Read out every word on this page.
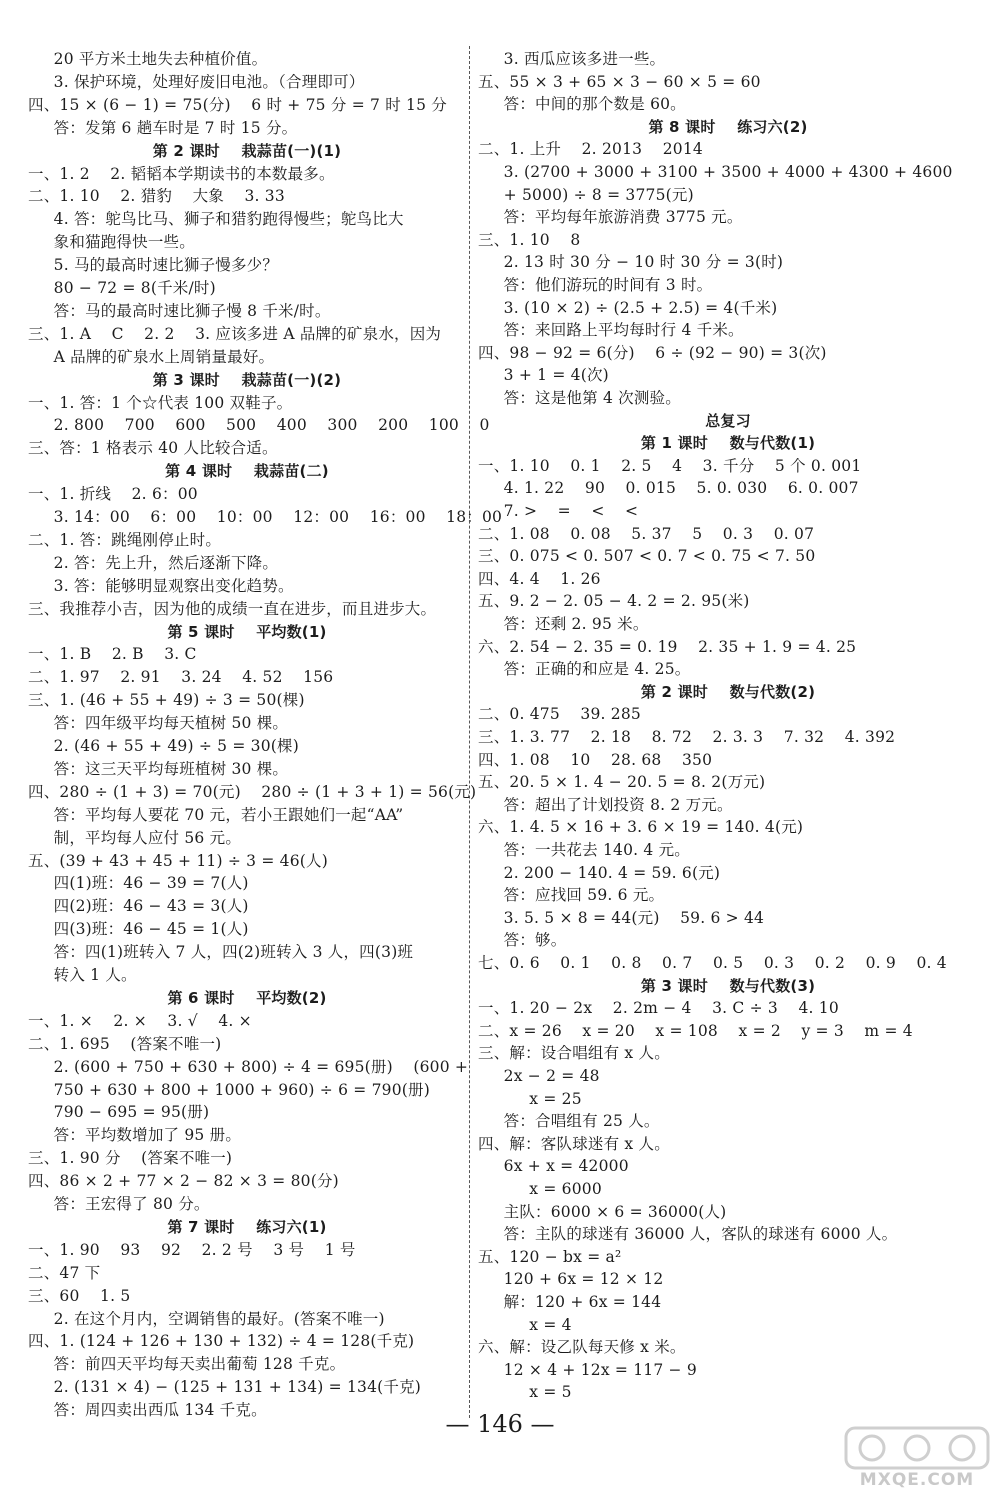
20 平方米土地失去种植价值。
3. 保护环境，处理好废旧电池。（合理即可）
四、15 × (6 − 1) = 75(分)    6 时 + 75 分 = 7 时 15 分
答：发第 6 趟车时是 7 时 15 分。
第 2 课时    栽蒜苗(一)(1)
一、1. 2    2. 韬韬本学期读书的本数最多。
二、1. 10    2. 猎豹    大象    3. 33
4. 答：鸵鸟比马、狮子和猎豹跑得慢些；鸵鸟比大
象和猫跑得快一些。
5. 马的最高时速比狮子慢多少？
80 − 72 = 8(千米/时)
答：马的最高时速比狮子慢 8 千米/时。
三、1. A    C    2. 2    3. 应该多进 A 品牌的矿泉水，因为
A 品牌的矿泉水上周销量最好。
第 3 课时    栽蒜苗(一)(2)
一、1. 答：1 个☆代表 100 双鞋子。
2. 800    700    600    500    400    300    200    100    0
三、答：1 格表示 40 人比较合适。
第 4 课时    栽蒜苗(二)
一、1. 折线    2. 6：00
3. 14：00    6：00    10：00    12：00    16：00    18：00
二、1. 答：跳绳刚停止时。
2. 答：先上升，然后逐渐下降。
3. 答：能够明显观察出变化趋势。
三、我推荐小吉，因为他的成绩一直在进步，而且进步大。
第 5 课时    平均数(1)
一、1. B    2. B    3. C
二、1. 97    2. 91    3. 24    4. 52    156
三、1. (46 + 55 + 49) ÷ 3 = 50(棵)
答：四年级平均每天植树 50 棵。
2. (46 + 55 + 49) ÷ 5 = 30(棵)
答：这三天平均每班植树 30 棵。
四、280 ÷ (1 + 3) = 70(元)    280 ÷ (1 + 3 + 1) = 56(元)
答：平均每人要花 70 元，若小王跟她们一起“AA”
制，平均每人应付 56 元。
五、(39 + 43 + 45 + 11) ÷ 3 = 46(人)
四(1)班：46 − 39 = 7(人)
四(2)班：46 − 43 = 3(人)
四(3)班：46 − 45 = 1(人)
答：四(1)班转入 7 人，四(2)班转入 3 人，四(3)班
转入 1 人。
第 6 课时    平均数(2)
一、1. ×    2. ×    3. √    4. ×
二、1. 695    (答案不唯一)
2. (600 + 750 + 630 + 800) ÷ 4 = 695(册)    (600 +
750 + 630 + 800 + 1000 + 960) ÷ 6 = 790(册)
790 − 695 = 95(册)
答：平均数增加了 95 册。
三、1. 90 分    (答案不唯一)
四、86 × 2 + 77 × 2 − 82 × 3 = 80(分)
答：王宏得了 80 分。
第 7 课时    练习六(1)
一、1. 90    93    92    2. 2 号    3 号    1 号
二、47 下
三、60    1. 5
2. 在这个月内，空调销售的最好。(答案不唯一)
四、1. (124 + 126 + 130 + 132) ÷ 4 = 128(千克)
答：前四天平均每天卖出葡萄 128 千克。
2. (131 × 4) − (125 + 131 + 134) = 134(千克)
答：周四卖出西瓜 134 千克。
3. 西瓜应该多进一些。
五、55 × 3 + 65 × 3 − 60 × 5 = 60
答：中间的那个数是 60。
第 8 课时    练习六(2)
二、1. 上升    2. 2013    2014
3. (2700 + 3000 + 3100 + 3500 + 4000 + 4300 + 4600
+ 5000) ÷ 8 = 3775(元)
答：平均每年旅游消费 3775 元。
三、1. 10    8
2. 13 时 30 分 − 10 时 30 分 = 3(时)
答：他们游玩的时间有 3 时。
3. (10 × 2) ÷ (2.5 + 2.5) = 4(千米)
答：来回路上平均每时行 4 千米。
四、98 − 92 = 6(分)    6 ÷ (92 − 90) = 3(次)
3 + 1 = 4(次)
答：这是他第 4 次测验。
总复习
第 1 课时    数与代数(1)
一、1. 10    0. 1    2. 5    4    3. 千分    5 个 0. 001
4. 1. 22    90    0. 015    5. 0. 030    6. 0. 007
7. >    =    <    <
二、1. 08    0. 08    5. 37    5    0. 3    0. 07
三、0. 075 < 0. 507 < 0. 7 < 0. 75 < 7. 50
四、4. 4    1. 26
五、9. 2 − 2. 05 − 4. 2 = 2. 95(米)
答：还剩 2. 95 米。
六、2. 54 − 2. 35 = 0. 19    2. 35 + 1. 9 = 4. 25
答：正确的和应是 4. 25。
第 2 课时    数与代数(2)
二、0. 475    39. 285
三、1. 3. 77    2. 18    8. 72    2. 3. 3    7. 32    4. 392
四、1. 08    10    28. 68    350
五、20. 5 × 1. 4 − 20. 5 = 8. 2(万元)
答：超出了计划投资 8. 2 万元。
六、1. 4. 5 × 16 + 3. 6 × 19 = 140. 4(元)
答：一共花去 140. 4 元。
2. 200 − 140. 4 = 59. 6(元)
答：应找回 59. 6 元。
3. 5. 5 × 8 = 44(元)    59. 6 > 44
答：够。
七、0. 6    0. 1    0. 8    0. 7    0. 5    0. 3    0. 2    0. 9    0. 4
第 3 课时    数与代数(3)
一、1. 20 − 2x    2. 2m − 4    3. C ÷ 3    4. 10
二、x = 26    x = 20    x = 108    x = 2    y = 3    m = 4
三、解：设合唱组有 x 人。
2x − 2 = 48
x = 25
答：合唱组有 25 人。
四、解：客队球迷有 x 人。
6x + x = 42000
x = 6000
主队：6000 × 6 = 36000(人)
答：主队的球迷有 36000 人，客队的球迷有 6000 人。
五、120 − bx = a²
120 + 6x = 12 × 12
解：120 + 6x = 144
x = 4
六、解：设乙队每天修 x 米。
12 × 4 + 12x = 117 − 9
x = 5
— 146 —
MXQE.COM
